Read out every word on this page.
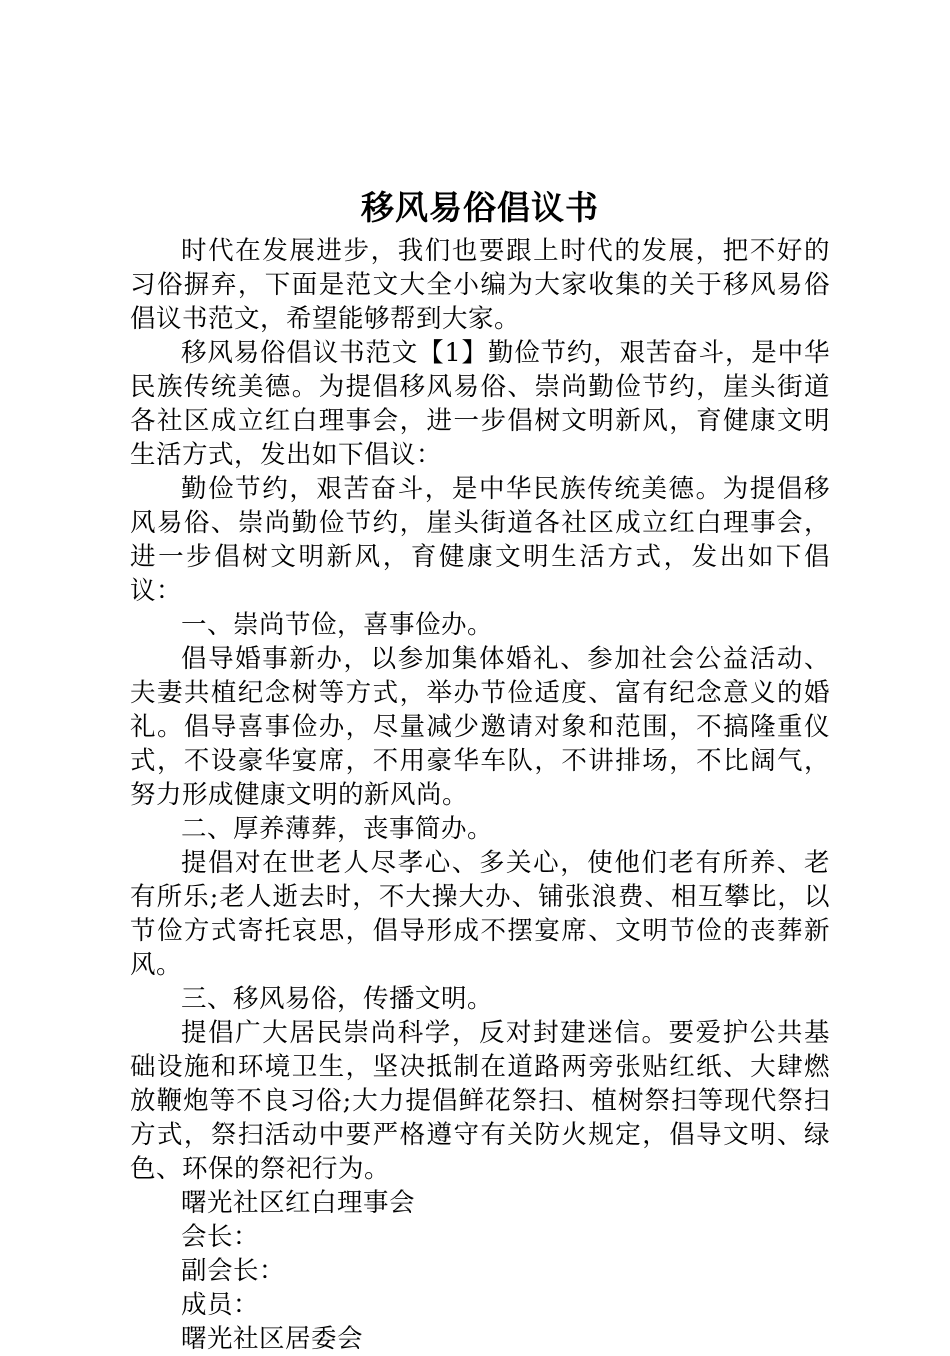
移风易俗倡议书

时代在发展进步，我们也要跟上时代的发展，把不好的习俗摒弃，下面是范文大全小编为大家收集的关于移风易俗倡议书范文，希望能够帮到大家。

移风易俗倡议书范文【1】勤俭节约，艰苦奋斗，是中华民族传统美德。为提倡移风易俗、崇尚勤俭节约，崖头街道各社区成立红白理事会，进一步倡树文明新风，育健康文明生活方式，发出如下倡议：

勤俭节约，艰苦奋斗，是中华民族传统美德。为提倡移风易俗、崇尚勤俭节约，崖头街道各社区成立红白理事会，进一步倡树文明新风，育健康文明生活方式，发出如下倡议：

一、崇尚节俭，喜事俭办。

倡导婚事新办，以参加集体婚礼、参加社会公益活动、夫妻共植纪念树等方式，举办节俭适度、富有纪念意义的婚礼。倡导喜事俭办，尽量减少邀请对象和范围，不搞隆重仪式，不设豪华宴席，不用豪华车队，不讲排场，不比阔气，努力形成健康文明的新风尚。

二、厚养薄葬，丧事简办。

提倡对在世老人尽孝心、多关心，使他们老有所养、老有所乐;老人逝去时，不大操大办、铺张浪费、相互攀比，以节俭方式寄托哀思，倡导形成不摆宴席、文明节俭的丧葬新风。

三、移风易俗，传播文明。

提倡广大居民崇尚科学，反对封建迷信。要爱护公共基础设施和环境卫生，坚决抵制在道路两旁张贴红纸、大肆燃放鞭炮等不良习俗;大力提倡鲜花祭扫、植树祭扫等现代祭扫方式，祭扫活动中要严格遵守有关防火规定，倡导文明、绿色、环保的祭祀行为。

曙光社区红白理事会

会长：

副会长：

成员：

曙光社区居委会
